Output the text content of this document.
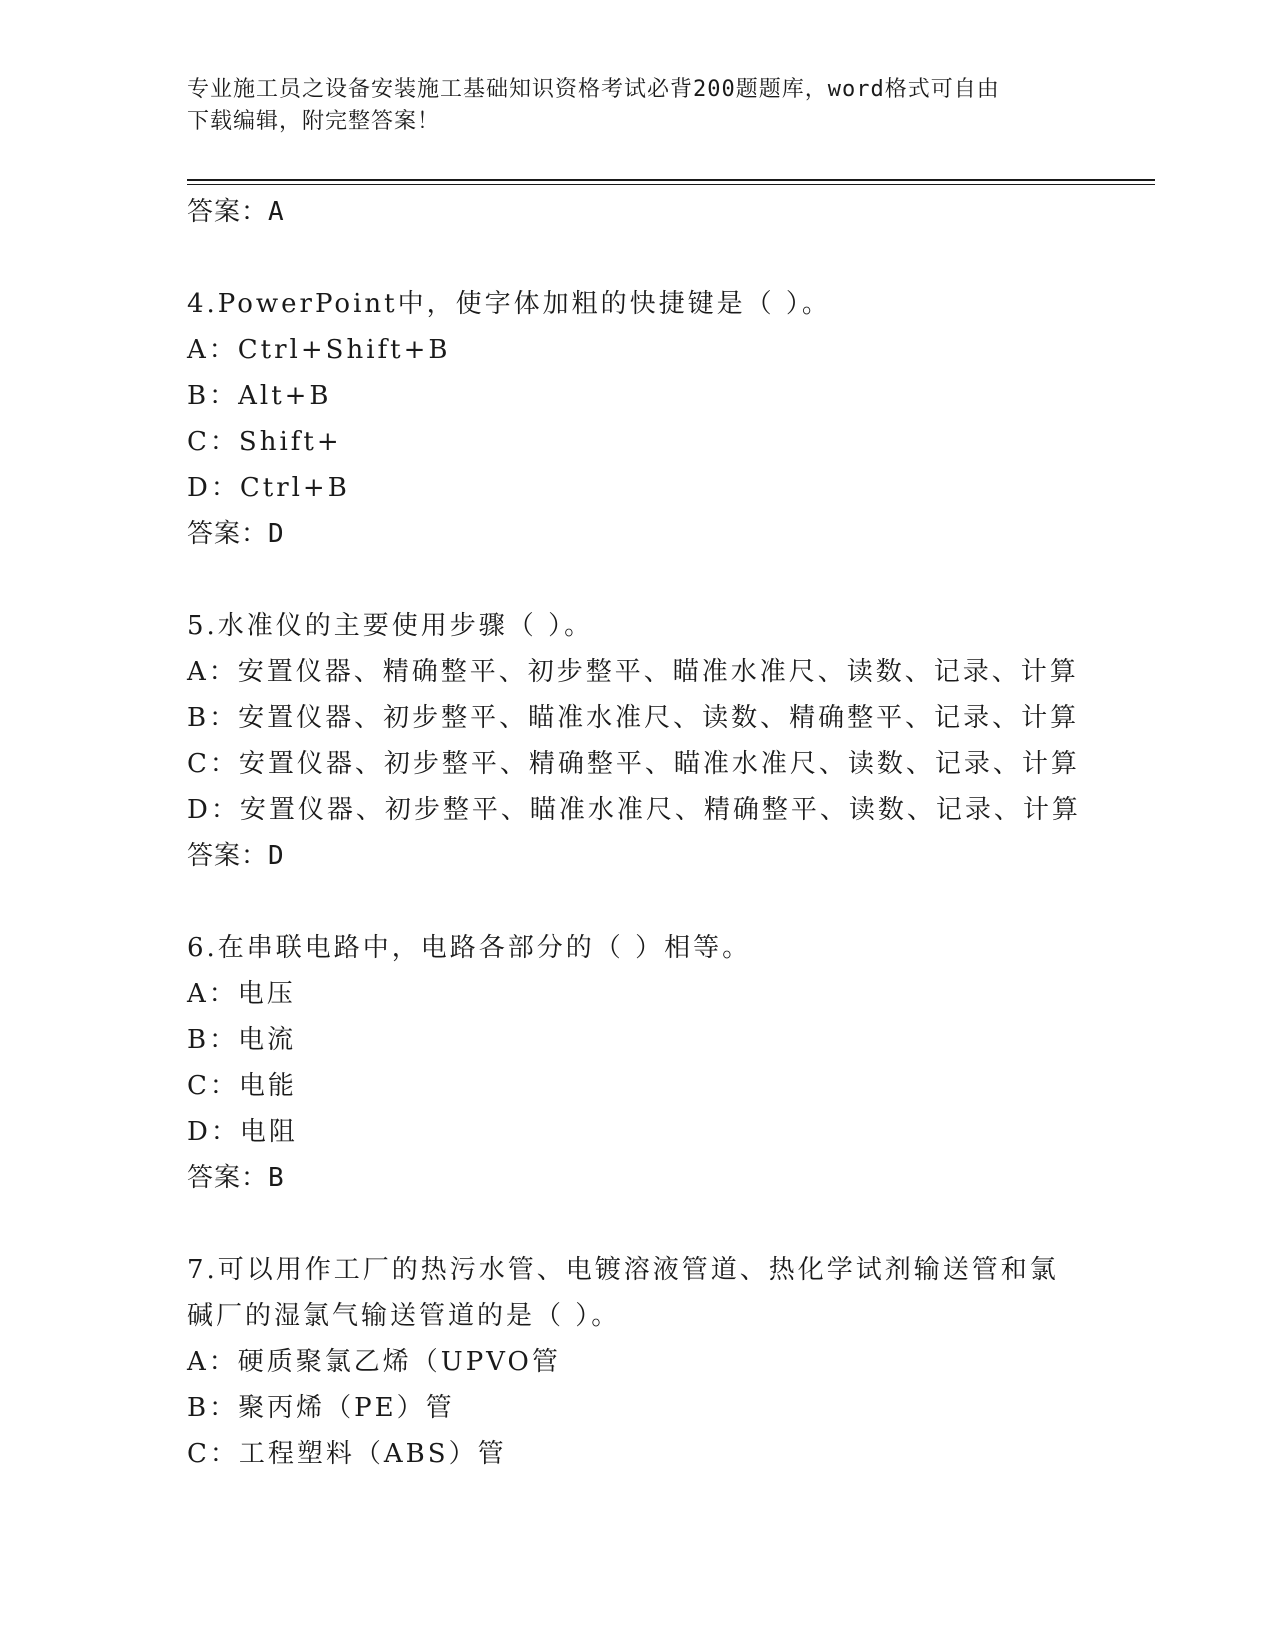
专业施工员之设备安装施工基础知识资格考试必背200题题库，word格式可自由
下载编辑，附完整答案！
答案：A
4.PowerPoint中，使字体加粗的快捷键是（ ）。
A：Ctrl+Shift+B
B：Alt+B
C：Shift+
D：Ctrl+B
答案：D
5.水准仪的主要使用步骤（ ）。
A：安置仪器、精确整平、初步整平、瞄准水准尺、读数、记录、计算
B：安置仪器、初步整平、瞄准水准尺、读数、精确整平、记录、计算
C：安置仪器、初步整平、精确整平、瞄准水准尺、读数、记录、计算
D：安置仪器、初步整平、瞄准水准尺、精确整平、读数、记录、计算
答案：D
6.在串联电路中，电路各部分的（ ）相等。
A：电压
B：电流
C：电能
D：电阻
答案：B
7.可以用作工厂的热污水管、电镀溶液管道、热化学试剂输送管和氯
碱厂的湿氯气输送管道的是（ ）。
A：硬质聚氯乙烯（UPVO管
B：聚丙烯（PE）管
C：工程塑料（ABS）管
